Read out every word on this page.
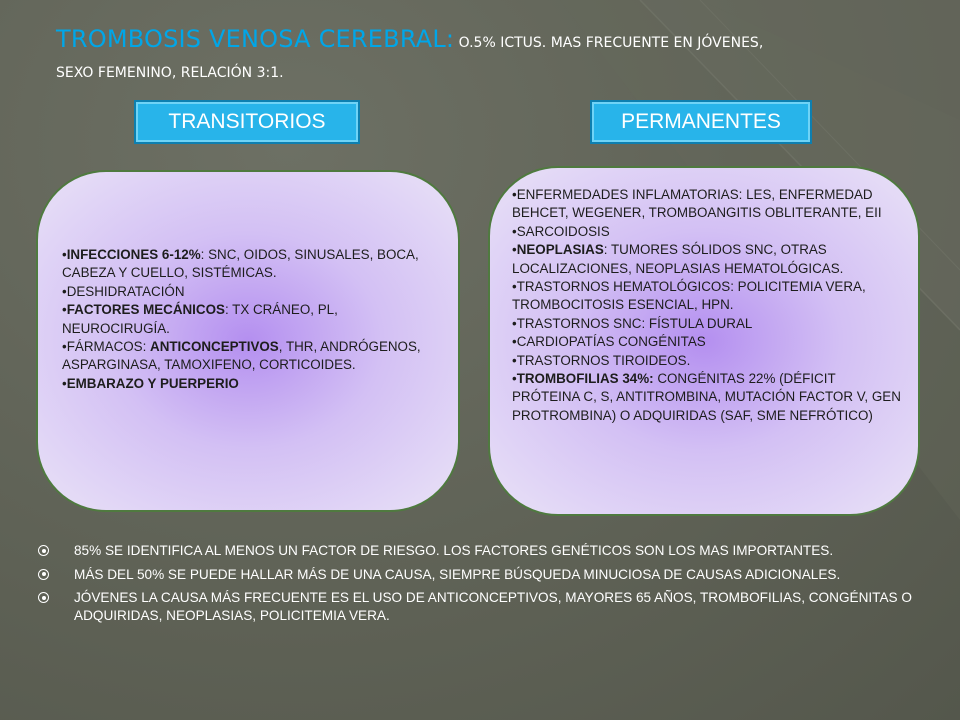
TROMBOSIS VENOSA CEREBRAL: O.5% ICTUS. MAS FRECUENTE EN JÓVENES,
SEXO FEMENINO, RELACIÓN 3:1.
TRANSITORIOS	PERMANENTES
•INFECCIONES 6-12%: SNC, OIDOS, SINUSALES, BOCA, CABEZA Y CUELLO, SISTÉMICAS.
•DESHIDRATACIÓN
•FACTORES MECÁNICOS: TX CRÁNEO, PL, NEUROCIRUGÍA.
•FÁRMACOS: ANTICONCEPTIVOS, THR, ANDRÓGENOS, ASPARGINASA, TAMOXIFENO, CORTICOIDES.
•EMBARAZO Y PUERPERIO
•ENFERMEDADES INFLAMATORIAS: LES, ENFERMEDAD BEHCET, WEGENER, TROMBOANGITIS OBLITERANTE, EII
•SARCOIDOSIS
•NEOPLASIAS: TUMORES SÓLIDOS SNC, OTRAS LOCALIZACIONES, NEOPLASIAS HEMATOLÓGICAS.
•TRASTORNOS HEMATOLÓGICOS: POLICITEMIA VERA, TROMBOCITOSIS ESENCIAL, HPN.
•TRASTORNOS SNC: FÍSTULA DURAL
•CARDIOPATÍAS CONGÉNITAS
•TRASTORNOS TIROIDEOS.
•TROMBOFILIAS 34%: CONGÉNITAS 22% (DÉFICIT PRÓTEINA C, S, ANTITROMBINA, MUTACIÓN FACTOR V, GEN PROTROMBINA) O ADQUIRIDAS (SAF, SME NEFRÓTICO)
85% SE IDENTIFICA AL MENOS UN FACTOR DE RIESGO. LOS FACTORES GENÉTICOS SON LOS MAS IMPORTANTES.
MÁS DEL 50% SE PUEDE HALLAR MÁS DE UNA CAUSA, SIEMPRE BÚSQUEDA MINUCIOSA DE CAUSAS ADICIONALES.
JÓVENES LA CAUSA MÁS FRECUENTE ES EL USO DE ANTICONCEPTIVOS, MAYORES 65 AÑOS, TROMBOFILIAS, CONGÉNITAS O ADQUIRIDAS, NEOPLASIAS, POLICITEMIA VERA.
